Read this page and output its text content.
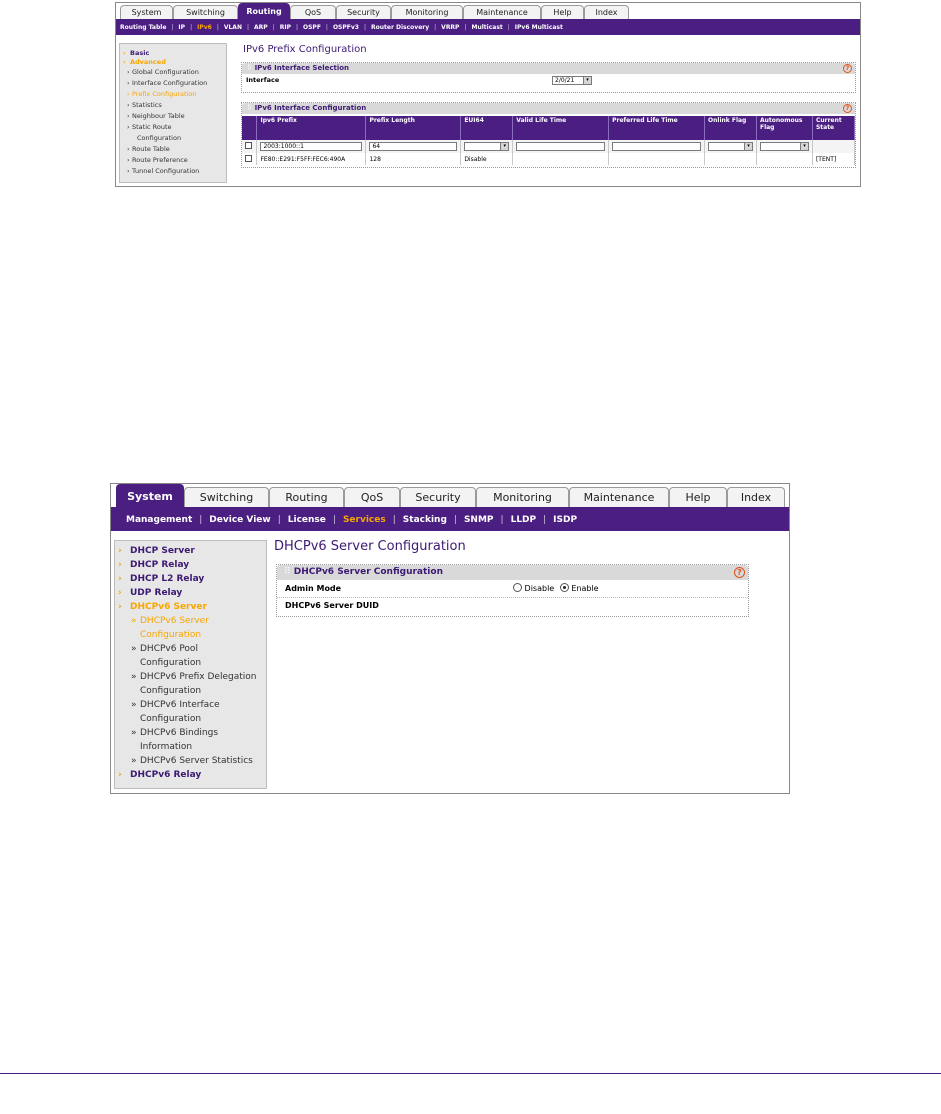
System	Switching	Routing	QoS	Security	Monitoring	Maintenance	Help	Index
Routing Table | IP | IPv6 | VLAN | ARP | RIP | OSPF | OSPFv3 | Router Discovery | VRRP | Multicast | IPv6 Multicast
› Basic
› Advanced
› Global Configuration
› Interface Configuration
› Prefix Configuration
› Statistics
› Neighbour Table
› Static Route
Configuration
› Route Table
› Route Preference
› Tunnel Configuration
IPv6 Prefix Configuration
⠿ IPv6 Interface Selection	?
Interface	2/0/21	▾
⠿ IPv6 Interface Configuration	?
	Ipv6 Prefix	Prefix Length	EUI64	Valid Life Time	Preferred Life Time	Onlink Flag	Autonomous Flag	Current State

	2003:1000::1	64	▾			▾	▾	

	FE80::E291:F5FF:FEC6:490A	128	Disable					[TENT]
System	Switching	Routing	QoS	Security	Monitoring	Maintenance	Help	Index
Management | Device View | License | Services | Stacking | SNMP | LLDP | ISDP
› DHCP Server
› DHCP Relay
› DHCP L2 Relay
› UDP Relay
› DHCPv6 Server
» DHCPv6 Server
Configuration
» DHCPv6 Pool
Configuration
» DHCPv6 Prefix Delegation
Configuration
» DHCPv6 Interface
Configuration
» DHCPv6 Bindings
Information
» DHCPv6 Server Statistics
› DHCPv6 Relay
DHCPv6 Server Configuration
⠿ DHCPv6 Server Configuration	?
Admin Mode	Disable Enable
DHCPv6 Server DUID
